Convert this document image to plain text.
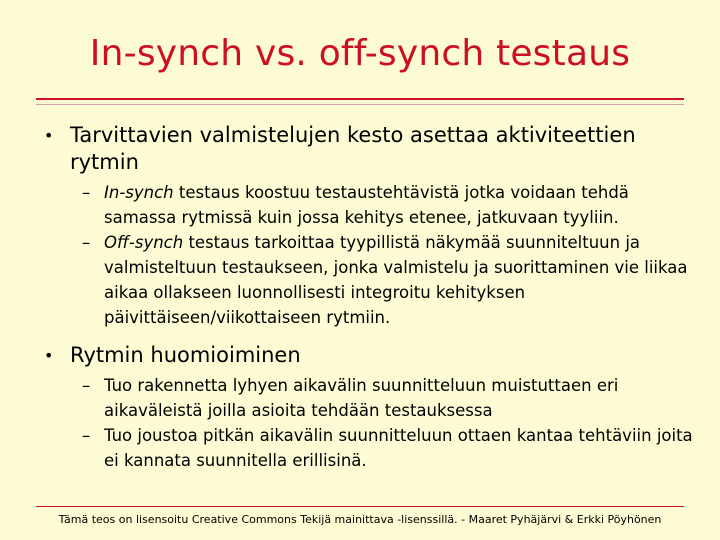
In-synch vs. off-synch testaus
• Tarvittavien valmistelujen kesto asettaa aktiviteettien rytmin
– In-synch testaus koostuu testaustehtävistä jotka voidaan tehdä samassa rytmissä kuin jossa kehitys etenee, jatkuvaan tyyliin.
– Off-synch testaus tarkoittaa tyypillistä näkymää suunniteltuun ja valmisteltuun testaukseen, jonka valmistelu ja suorittaminen vie liikaa aikaa ollakseen luonnollisesti integroitu kehityksen päivittäiseen/viikottaiseen rytmiin.
• Rytmin huomioiminen
– Tuo rakennetta lyhyen aikavälin suunnitteluun muistuttaen eri aikaväleistä joilla asioita tehdään testauksessa
– Tuo joustoa pitkän aikavälin suunnitteluun ottaen kantaa tehtäviin joita ei kannata suunnitella erillisinä.
Tämä teos on lisensoitu Creative Commons Tekijä mainittava -lisenssillä. - Maaret Pyhäjärvi & Erkki Pöyhönen
